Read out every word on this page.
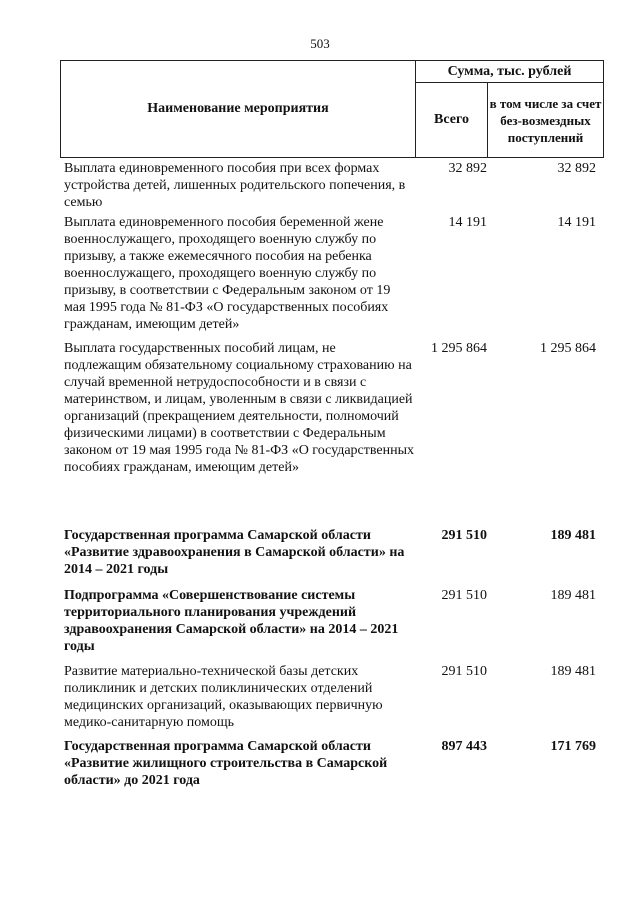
503
Наименование мероприятия
Сумма, тыс. рублей
Всего
в том числе за счет без-возмездных поступлений
Выплата единовременного пособия при всех формах устройства детей, лишенных родительского попечения, в семью
32 892	32 892
Выплата единовременного пособия беременной жене военнослужащего, проходящего военную службу по призыву, а также ежемесячного пособия на ребенка военнослужащего, проходящего военную службу по призыву, в соответствии с Федеральным законом от 19 мая 1995 года № 81-ФЗ «О государственных пособиях гражданам, имеющим детей»
14 191	14 191
Выплата государственных пособий лицам, не подлежащим обязательному социальному страхованию на случай временной нетрудоспособности и в связи с материнством, и лицам, уволенным в связи с ликвидацией организаций (прекращением деятельности, полномочий физическими лицами) в соответствии с Федеральным законом от 19 мая 1995 года № 81-ФЗ «О государственных пособиях гражданам, имеющим детей»
1 295 864	1 295 864
Государственная программа Самарской области «Развитие здравоохранения в Самарской области» на 2014 – 2021 годы
291 510	189 481
Подпрограмма «Совершенствование системы территориального планирования учреждений здравоохранения Самарской области» на 2014 – 2021 годы
291 510	189 481
Развитие материально-технической базы детских поликлиник и детских поликлинических отделений медицинских организаций, оказывающих первичную медико-санитарную помощь
291 510	189 481
Государственная программа Самарской области «Развитие жилищного строительства в Самарской области» до 2021 года
897 443	171 769
